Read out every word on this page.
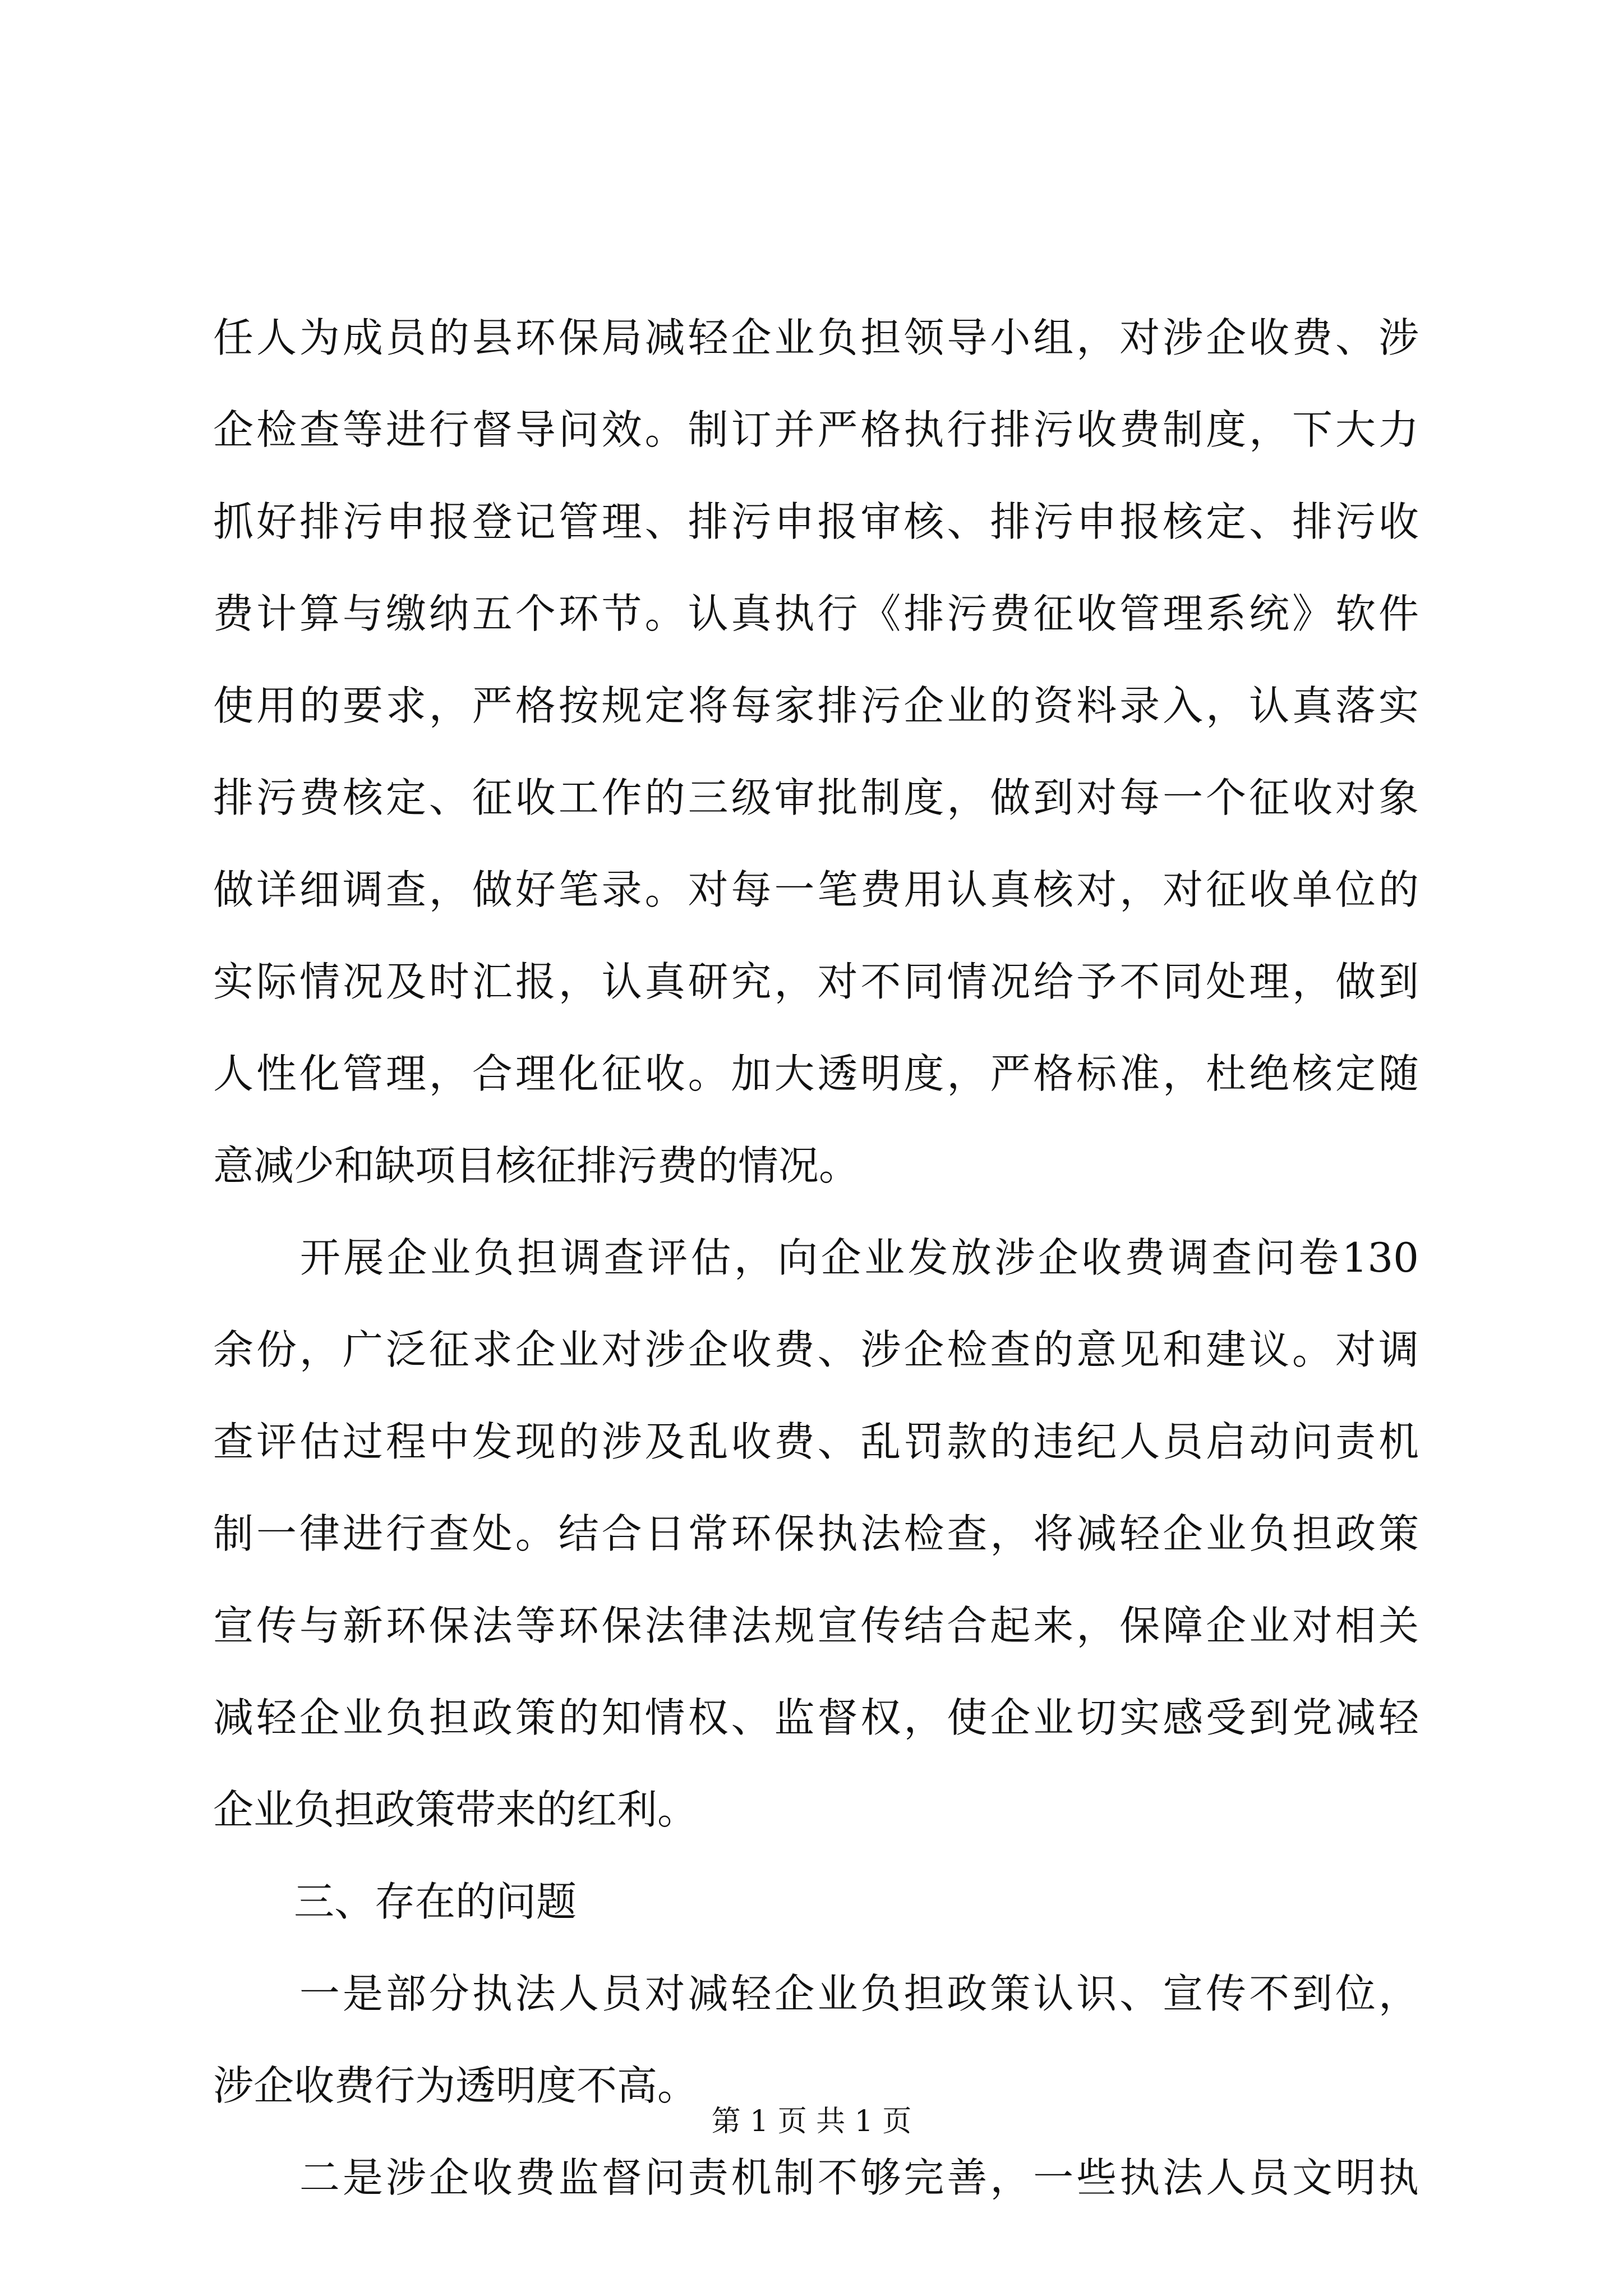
任人为成员的县环保局减轻企业负担领导小组，对涉企收费、涉
企检查等进行督导问效。制订并严格执行排污收费制度，下大力
抓好排污申报登记管理、排污申报审核、排污申报核定、排污收
费计算与缴纳五个环节。认真执行《排污费征收管理系统》软件
使用的要求，严格按规定将每家排污企业的资料录入，认真落实
排污费核定、征收工作的三级审批制度，做到对每一个征收对象
做详细调查，做好笔录。对每一笔费用认真核对，对征收单位的
实际情况及时汇报，认真研究，对不同情况给予不同处理，做到
人性化管理，合理化征收。加大透明度，严格标准，杜绝核定随
意减少和缺项目核征排污费的情况。
　　开展企业负担调查评估，向企业发放涉企收费调查问卷130
余份，广泛征求企业对涉企收费、涉企检查的意见和建议。对调
查评估过程中发现的涉及乱收费、乱罚款的违纪人员启动问责机
制一律进行查处。结合日常环保执法检查，将减轻企业负担政策
宣传与新环保法等环保法律法规宣传结合起来，保障企业对相关
减轻企业负担政策的知情权、监督权，使企业切实感受到党减轻
企业负担政策带来的红利。
　　三、存在的问题
　　一是部分执法人员对减轻企业负担政策认识、宣传不到位，
涉企收费行为透明度不高。
　　二是涉企收费监督问责机制不够完善，一些执法人员文明执
第 1 页 共 1 页
